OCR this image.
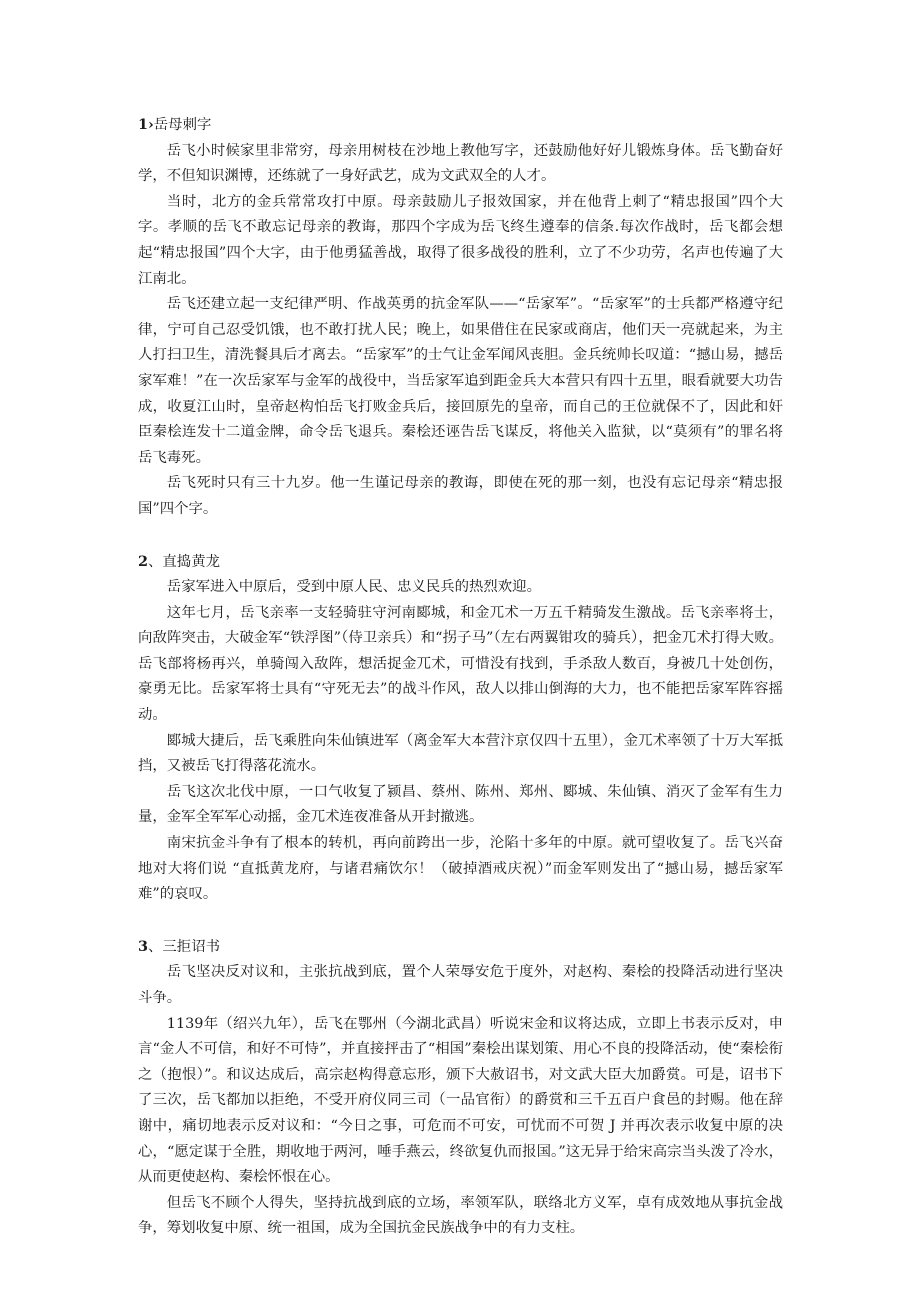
1›岳母刺字

岳飞小时候家里非常穷，母亲用树枝在沙地上教他写字，还鼓励他好好儿锻炼身体。岳飞勤奋好学，不但知识渊博，还练就了一身好武艺，成为文武双全的人才。

当时，北方的金兵常常攻打中原。母亲鼓励儿子报效国家，并在他背上刺了“精忠报国”四个大字。孝顺的岳飞不敢忘记母亲的教诲，那四个字成为岳飞终生遵奉的信条.每次作战时，岳飞都会想起“精忠报国”四个大字，由于他勇猛善战，取得了很多战役的胜利，立了不少功劳，名声也传遍了大江南北。

岳飞还建立起一支纪律严明、作战英勇的抗金军队——“岳家军”。“岳家军”的士兵都严格遵守纪律，宁可自己忍受饥饿，也不敢打扰人民；晚上，如果借住在民家或商店，他们天一亮就起来，为主人打扫卫生，清洗餐具后才离去。“岳家军”的士气让金军闻风丧胆。金兵统帅长叹道：“撼山易，撼岳家军难！”在一次岳家军与金军的战役中，当岳家军追到距金兵大本营只有四十五里，眼看就要大功告成，收夏江山时，皇帝赵构怕岳飞打败金兵后，接回原先的皇帝，而自己的王位就保不了，因此和奸臣秦桧连发十二道金牌，命令岳飞退兵。秦桧还诬告岳飞谋反，将他关入监狱，以“莫须有”的罪名将岳飞毒死。

岳飞死时只有三十九岁。他一生谨记母亲的教诲，即使在死的那一刻，也没有忘记母亲“精忠报国”四个字。

2、直捣黄龙

岳家军进入中原后，受到中原人民、忠义民兵的热烈欢迎。

这年七月，岳飞亲率一支轻骑驻守河南郾城，和金兀术一万五千精骑发生激战。岳飞亲率将士，向敌阵突击，大破金军“铁浮图”（侍卫亲兵）和“拐子马”（左右两翼钳攻的骑兵），把金兀术打得大败。岳飞部将杨再兴，单骑闯入敌阵，想活捉金兀术，可惜没有找到，手杀敌人数百，身被几十处创伤，豪勇无比。岳家军将士具有“守死无去”的战斗作风，敌人以排山倒海的大力，也不能把岳家军阵容摇动。

郾城大捷后，岳飞乘胜向朱仙镇进军（离金军大本营汴京仅四十五里），金兀术率领了十万大军抵挡，又被岳飞打得落花流水。

岳飞这次北伐中原，一口气收复了颍昌、蔡州、陈州、郑州、郾城、朱仙镇、消灭了金军有生力量，金军全军军心动摇，金兀术连夜准备从开封撤逃。

南宋抗金斗争有了根本的转机，再向前跨出一步，沦陷十多年的中原。就可望收复了。岳飞兴奋地对大将们说 “直抵黄龙府，与诸君痛饮尔！（破掉酒戒庆祝）”而金军则发出了“撼山易，撼岳家军难”的哀叹。

3、三拒诏书

岳飞坚决反对议和，主张抗战到底，置个人荣辱安危于度外，对赵构、秦桧的投降活动进行坚决斗争。

1139年（绍兴九年），岳飞在鄂州（今湖北武昌）听说宋金和议将达成，立即上书表示反对，申言“金人不可信，和好不可恃”，并直接抨击了“相国”秦桧出谋划策、用心不良的投降活动，使“秦桧衔之（抱恨）”。和议达成后，高宗赵构得意忘形，颁下大赦诏书，对文武大臣大加爵赏。可是，诏书下了三次，岳飞都加以拒绝，不受开府仪同三司（一品官衔）的爵赏和三千五百户食邑的封赐。他在辞谢中，痛切地表示反对议和：“今日之事，可危而不可安，可忧而不可贺 J 并再次表示收复中原的决心，“愿定谋于全胜，期收地于两河，唾手燕云，终欲复仇而报国。”这无异于给宋高宗当头泼了冷水，从而更使赵构、秦桧怀恨在心。

但岳飞不顾个人得失，坚持抗战到底的立场，率领军队，联络北方义军，卓有成效地从事抗金战争，筹划收复中原、统一祖国，成为全国抗金民族战争中的有力支柱。
